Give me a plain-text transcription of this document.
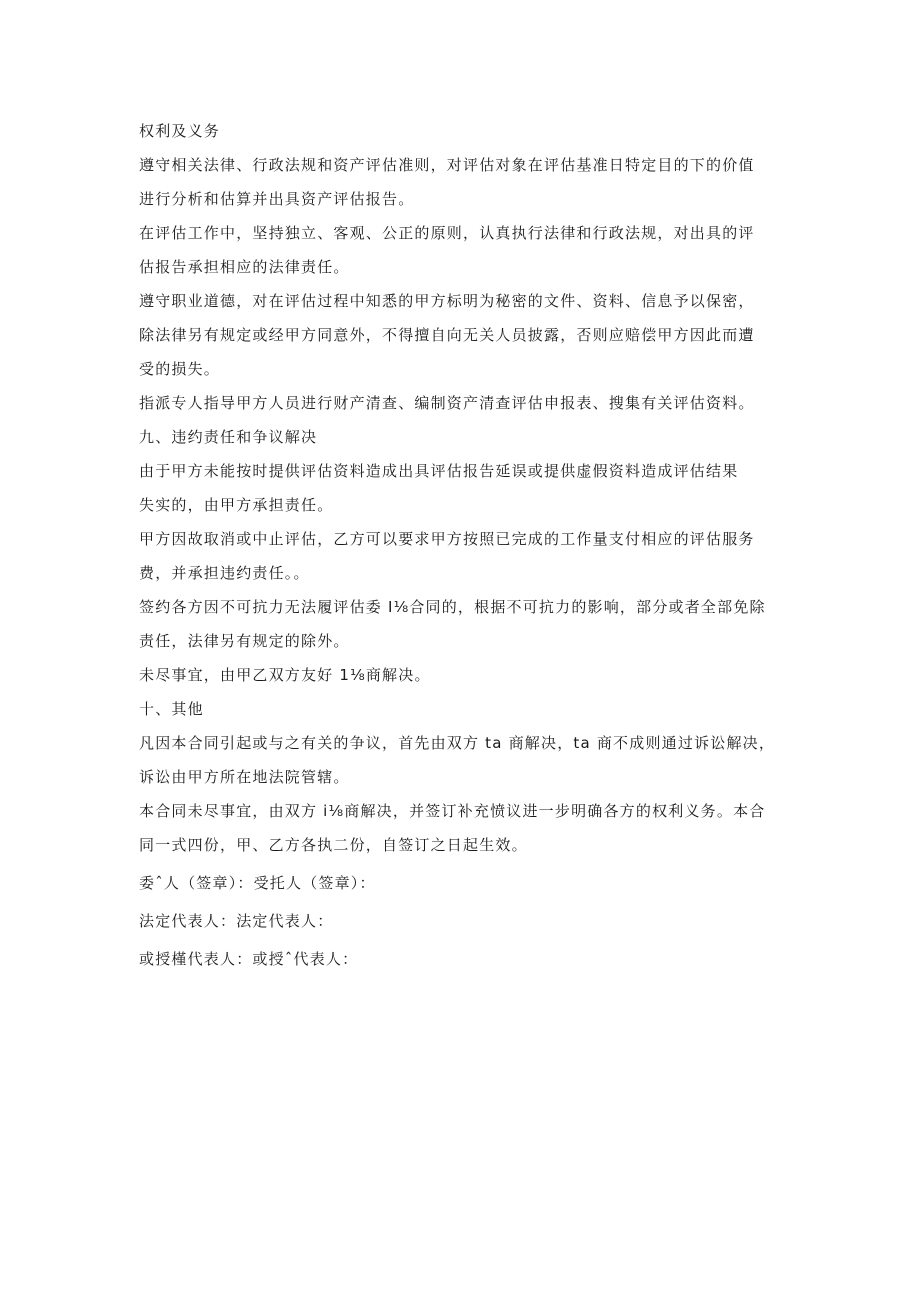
权利及义务
遵守相关法律、行政法规和资产评估准则，对评估对象在评估基准日特定目的下的价值
进行分析和估算并出具资产评估报告。
在评估工作中，坚持独立、客观、公正的原则，认真执行法律和行政法规，对出具的评
估报告承担相应的法律责任。
遵守职业道德，对在评估过程中知悉的甲方标明为秘密的文件、资料、信息予以保密，
除法律另有规定或经甲方同意外，不得擅自向无关人员披露，否则应赔偿甲方因此而遭
受的损失。
指派专人指导甲方人员进行财产清查、编制资产清查评估申报表、搜集有关评估资料。
九、违约责任和争议解决
由于甲方未能按时提供评估资料造成出具评估报告延误或提供虚假资料造成评估结果
失实的，由甲方承担责任。
甲方因故取消或中止评估，乙方可以要求甲方按照已完成的工作量支付相应的评估服务
费，并承担违约责任。。
签约各方因不可抗力无法履评估委 I⅛合同的，根据不可抗力的影响，部分或者全部免除
责任，法律另有规定的除外。
未尽事宜，由甲乙双方友好 1⅛商解决。
十、其他
凡因本合同引起或与之有关的争议，首先由双方 ta 商解决，ta 商不成则通过诉讼解决，
诉讼由甲方所在地法院管辖。
本合同未尽事宜，由双方 i⅛商解决，并签订补充愤议进一步明确各方的权利义务。本合
同一式四份，甲、乙方各执二份，自签订之日起生效。
委ˆ人（签章）：受托人（签章）：
法定代表人：法定代表人：
或授槿代表人：或授ˆ代表人：
